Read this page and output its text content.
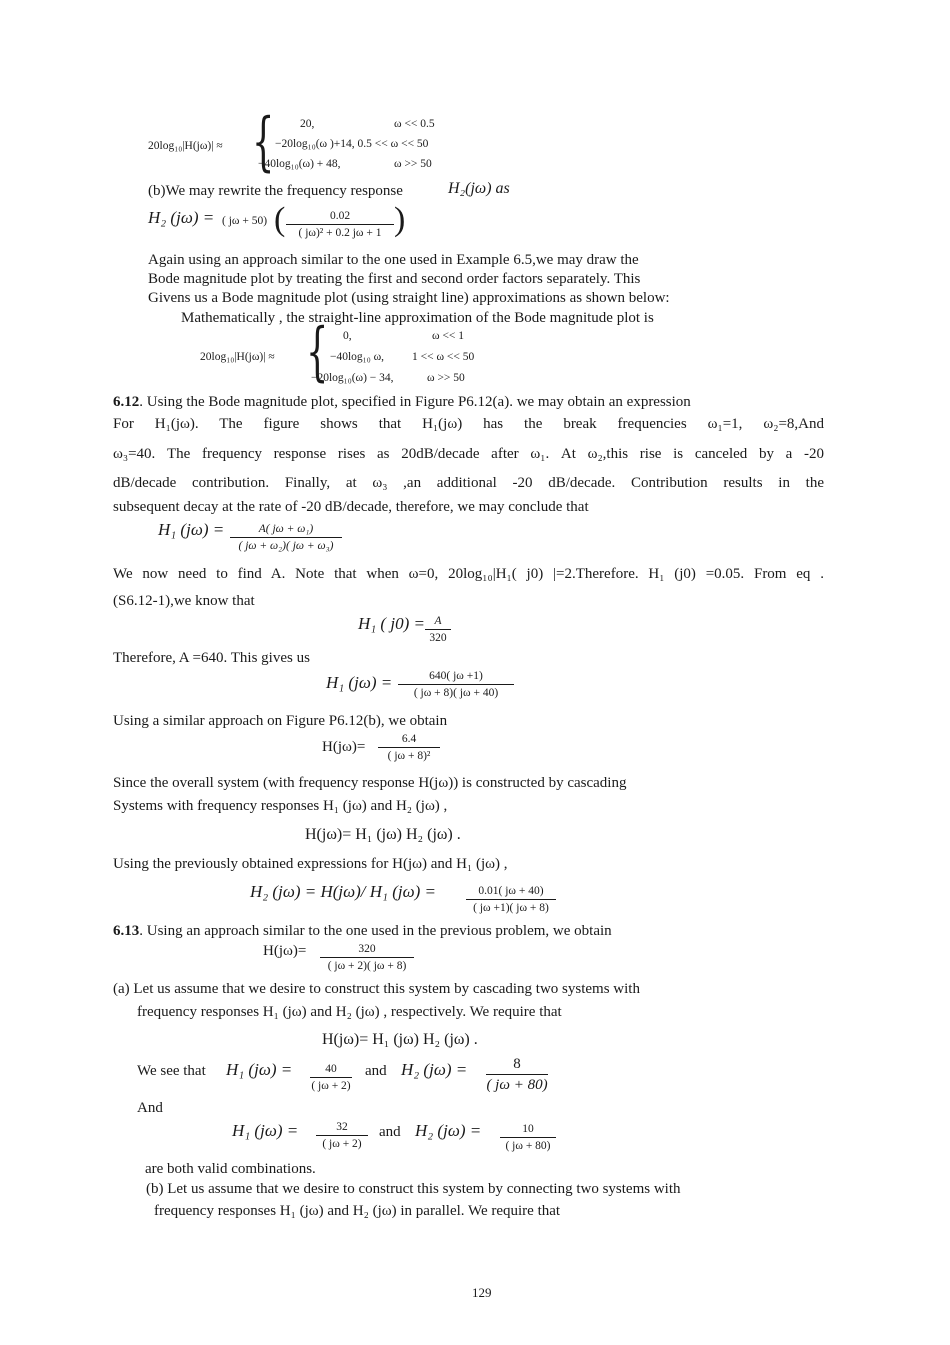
20log₁₀|H(jω)| ≈ { 20,	ω << 0.5
−20log₁₀(ω )+14, 0.5 << ω << 50
−40log₁₀(ω) + 48,	ω >> 50
(b)We may rewrite the frequency response	H₂(jω) as
H₂ (jω) = ( jω + 50) (	0.02
( jω)² + 0.2 jω + 1 )
Again using an approach similar to the one used in Example 6.5,we may draw the
Bode magnitude plot by treating the first and second order factors separately. This
Givens us a Bode magnitude plot (using straight line) approximations as shown below:
Mathematically , the straight-line approximation of the Bode magnitude plot is
20log₁₀|H(jω)| ≈ { 0,	ω << 1
−40log₁₀ ω, 1 << ω << 50
−20log₁₀(ω) − 34,	ω >> 50
6.12. Using the Bode magnitude plot, specified in Figure P6.12(a). we may obtain an expression
For H₁(jω). The figure shows that H₁(jω) has the break frequencies ω₁=1, ω₂=8,And
ω₃=40. The frequency response rises as 20dB/decade after ω₁. At ω₂,this rise is canceled by a -20
dB/decade contribution. Finally, at ω₃ ,an additional -20 dB/decade. Contribution results in the
subsequent decay at the rate of -20 dB/decade, therefore, we may conclude that
H₁ (jω) =	A( jω + ω₁)
( jω + ω₂)( jω + ω₃)
We now need to find A. Note that when ω=0, 20log₁₀|H₁( j0) |=2.Therefore. H₁ (j0) =0.05. From eq .
(S6.12-1),we know that
H₁ ( j0) = A
320
Therefore, A =640. This gives us
H₁ (jω) =	640( jω +1)
( jω + 8)( jω + 40)
Using a similar approach on Figure P6.12(b), we obtain
H(jω)=	6.4
( jω + 8)²
Since the overall system (with frequency response H(jω)) is constructed by cascading
Systems with frequency responses H₁ (jω) and H₂ (jω) ,
H(jω)= H₁ (jω) H₂ (jω) .
Using the previously obtained expressions for H(jω) and H₁ (jω) ,
H₂ (jω) = H(jω)/ H₁ (jω) =	0.01( jω + 40)
( jω +1)( jω + 8)
6.13. Using an approach similar to the one used in the previous problem, we obtain
H(jω)=	320
( jω + 2)( jω + 8)
(a) Let us assume that we desire to construct this system by cascading two systems with
frequency responses H₁ (jω) and H₂ (jω) , respectively. We require that
H(jω)= H₁ (jω) H₂ (jω) .
We see that H₁ (jω) =	40
( jω + 2)
and H₂ (jω) =	8
( jω + 80)
And
H₁ (jω) =	32
( jω + 2)
and H₂ (jω) =	10
( jω + 80)
are both valid combinations.
(b) Let us assume that we desire to construct this system by connecting two systems with
frequency responses H₁ (jω) and H₂ (jω) in parallel. We require that
129
